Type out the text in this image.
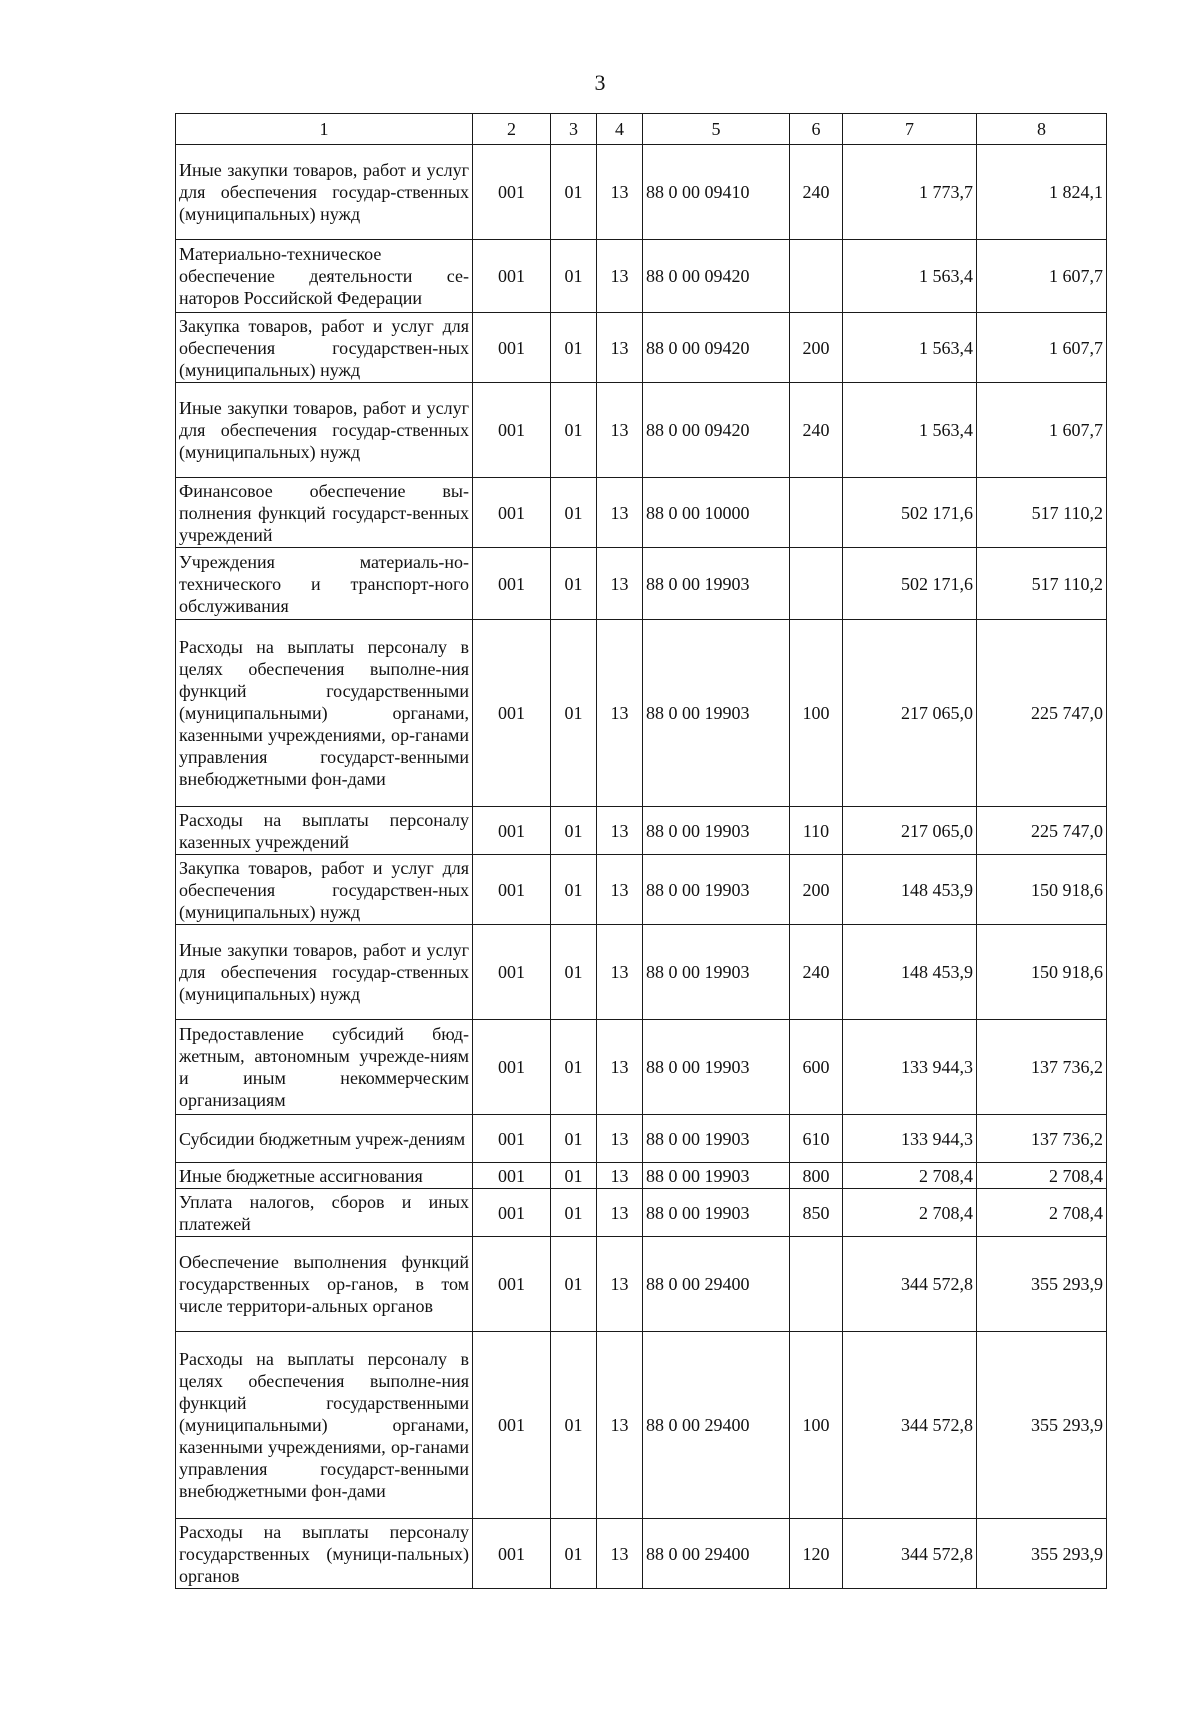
3
1	2	3	4	5	6	7	8
Иные закупки товаров, работ и услуг для обеспечения государ-ственных (муниципальных) нужд	001	01	13	88 0 00 09410	240	1 773,7	1 824,1
Материально-техническое обеспечение деятельности се-наторов Российской Федерации	001	01	13	88 0 00 09420		1 563,4	1 607,7
Закупка товаров, работ и услуг для обеспечения государствен-ных (муниципальных) нужд	001	01	13	88 0 00 09420	200	1 563,4	1 607,7
Иные закупки товаров, работ и услуг для обеспечения государ-ственных (муниципальных) нужд	001	01	13	88 0 00 09420	240	1 563,4	1 607,7
Финансовое обеспечение вы-полнения функций государст-венных учреждений	001	01	13	88 0 00 10000		502 171,6	517 110,2
Учреждения материаль-но-технического и транспорт-ного обслуживания	001	01	13	88 0 00 19903		502 171,6	517 110,2
Расходы на выплаты персоналу в целях обеспечения выполне-ния функций государственными (муниципальными) органами, казенными учреждениями, ор-ганами управления государст-венными внебюджетными фон-дами	001	01	13	88 0 00 19903	100	217 065,0	225 747,0
Расходы на выплаты персоналу казенных учреждений	001	01	13	88 0 00 19903	110	217 065,0	225 747,0
Закупка товаров, работ и услуг для обеспечения государствен-ных (муниципальных) нужд	001	01	13	88 0 00 19903	200	148 453,9	150 918,6
Иные закупки товаров, работ и услуг для обеспечения государ-ственных (муниципальных) нужд	001	01	13	88 0 00 19903	240	148 453,9	150 918,6
Предоставление субсидий бюд-жетным, автономным учрежде-ниям и иным некоммерческим организациям	001	01	13	88 0 00 19903	600	133 944,3	137 736,2
Субсидии бюджетным учреж-дениям	001	01	13	88 0 00 19903	610	133 944,3	137 736,2
Иные бюджетные ассигнования	001	01	13	88 0 00 19903	800	2 708,4	2 708,4
Уплата налогов, сборов и иных платежей	001	01	13	88 0 00 19903	850	2 708,4	2 708,4
Обеспечение выполнения функций государственных ор-ганов, в том числе территори-альных органов	001	01	13	88 0 00 29400		344 572,8	355 293,9
Расходы на выплаты персоналу в целях обеспечения выполне-ния функций государственными (муниципальными) органами, казенными учреждениями, ор-ганами управления государст-венными внебюджетными фон-дами	001	01	13	88 0 00 29400	100	344 572,8	355 293,9
Расходы на выплаты персоналу государственных (муници-пальных) органов	001	01	13	88 0 00 29400	120	344 572,8	355 293,9
